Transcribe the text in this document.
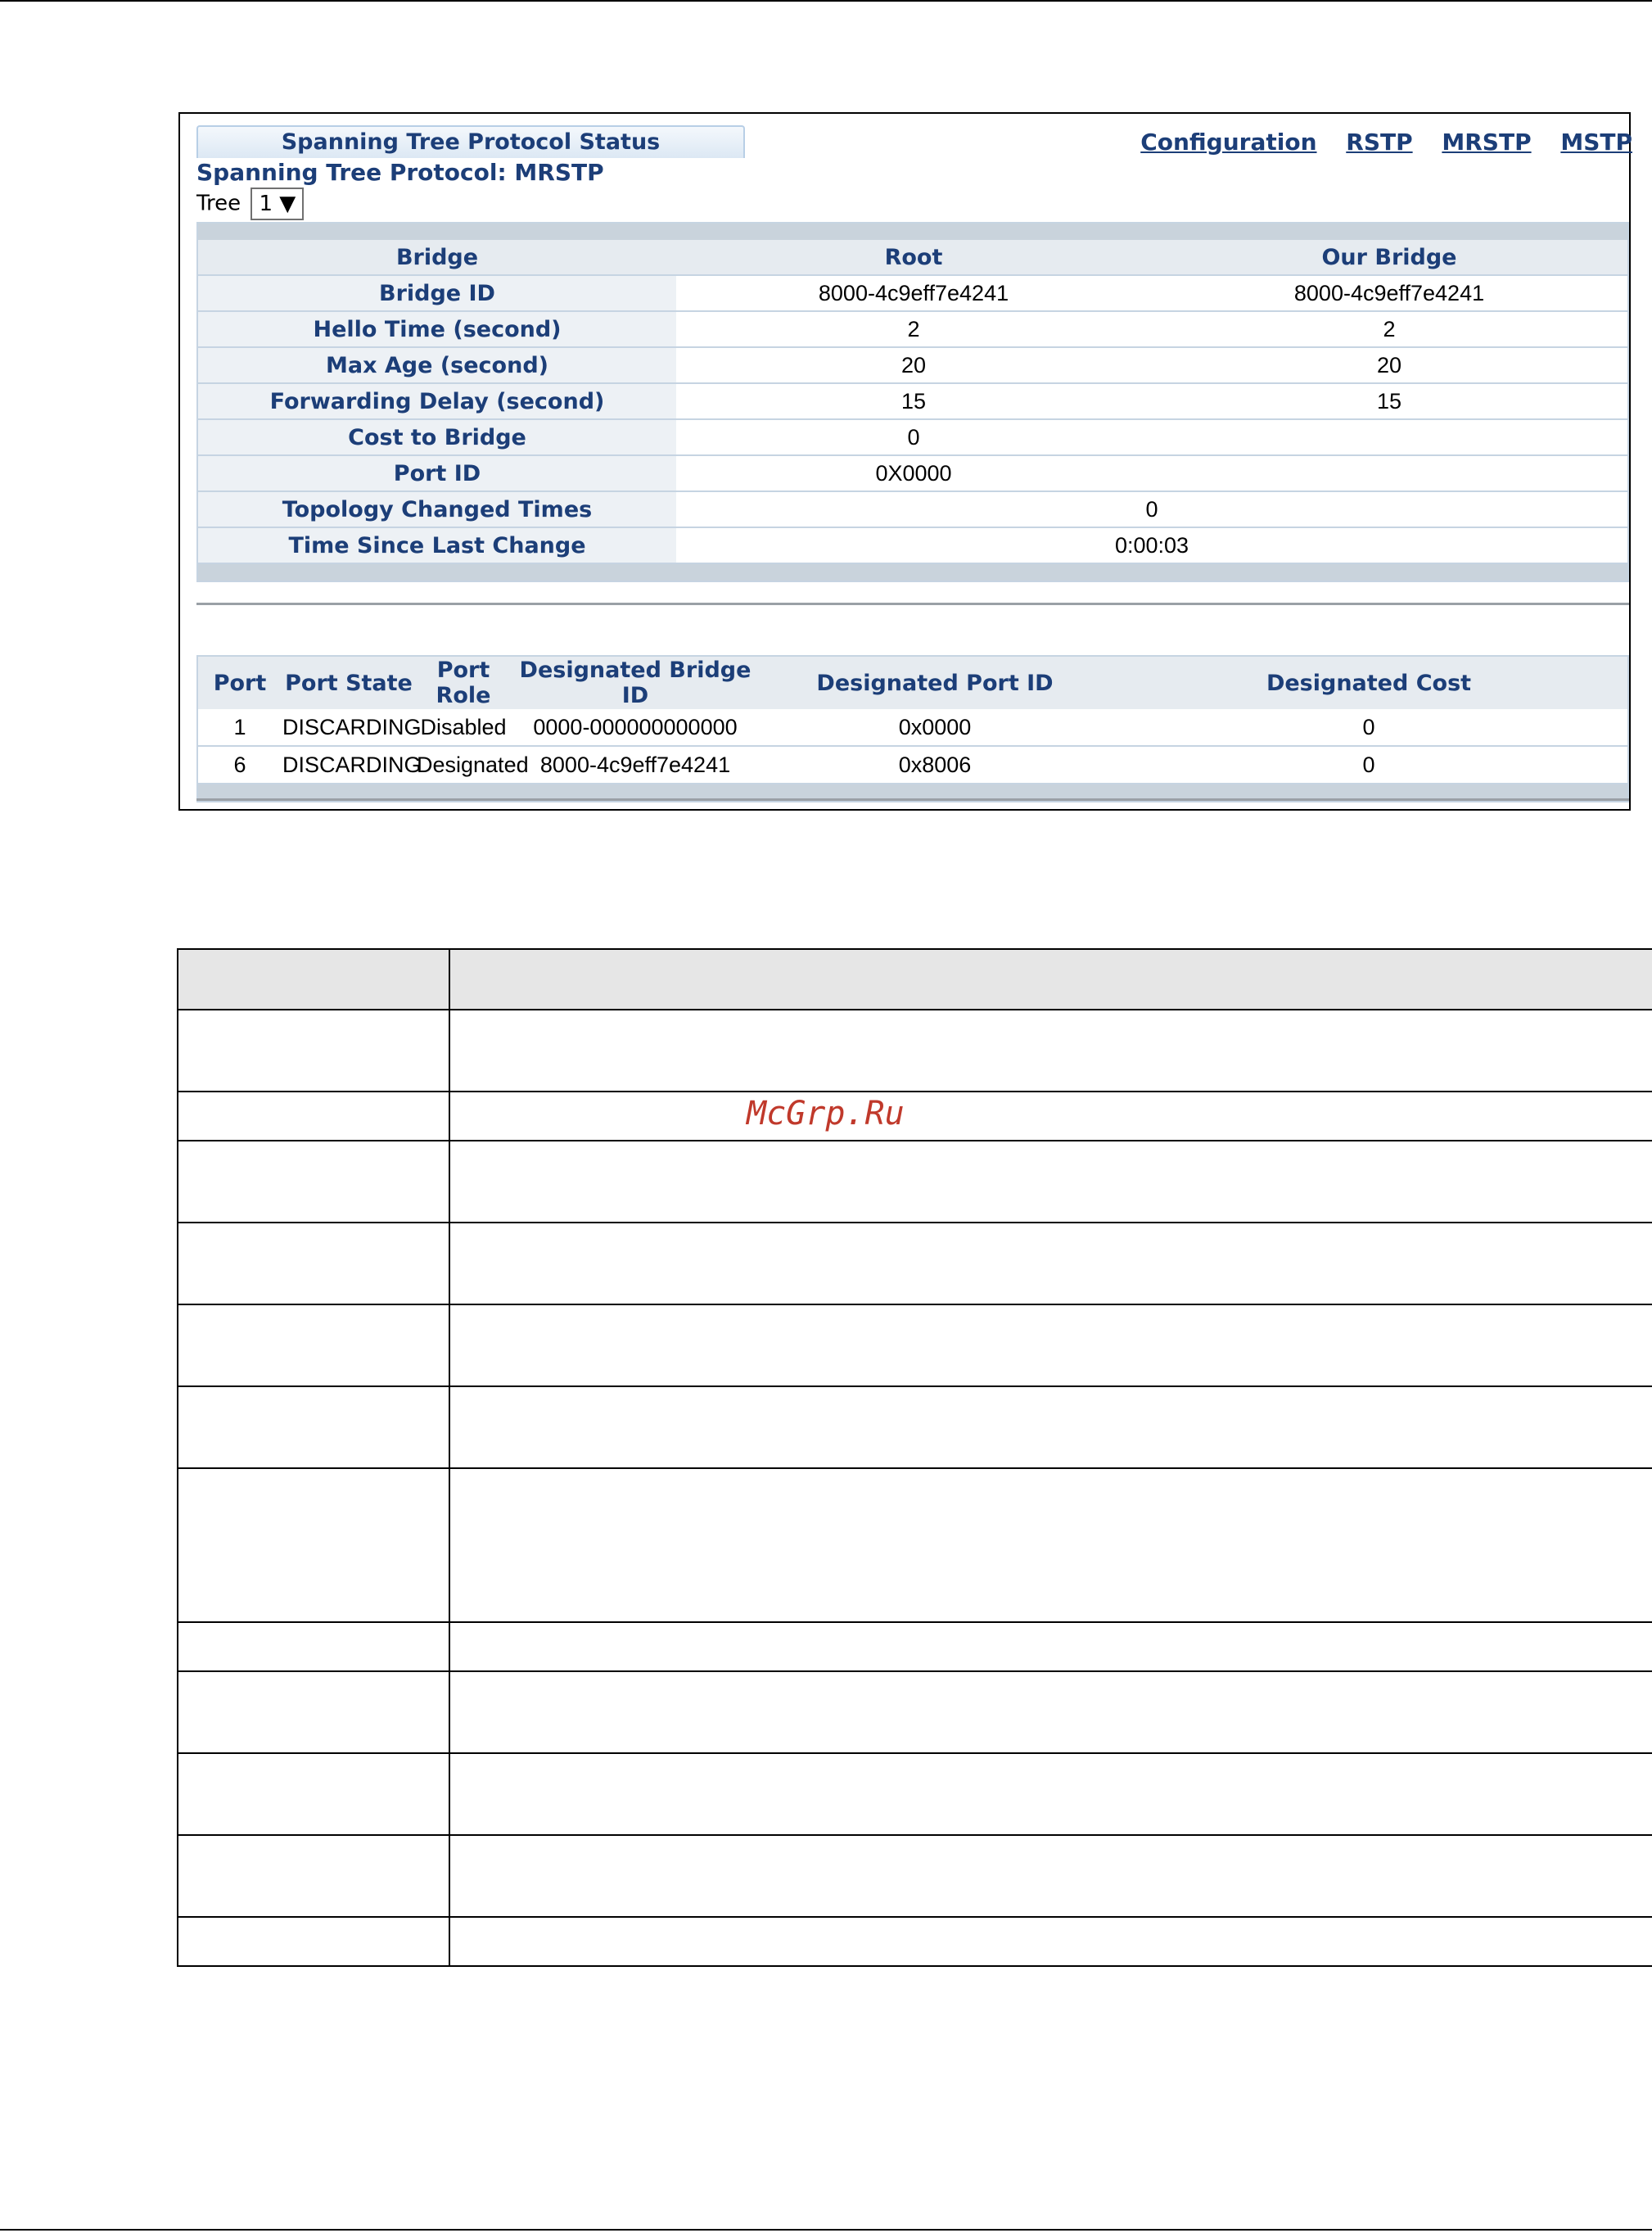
Spanning Tree Protocol Status	Configuration RSTP MRSTP MSTP
Spanning Tree Protocol: MRSTP
Tree 1 ▼
Bridge	Root	Our Bridge
Bridge ID	8000-4c9eff7e4241	8000-4c9eff7e4241
Hello Time (second)	2	2
Max Age (second)	20	20
Forwarding Delay (second)	15	15
Cost to Bridge	0	
Port ID	0X0000	
Topology Changed Times	0	
Time Since Last Change	0:00:03	
Port	Port State	Port Role	Designated Bridge ID	Designated Port ID	Designated Cost
1	DISCARDING	Disabled	0000-000000000000	0x0000	0
6	DISCARDING	Designated	8000-4c9eff7e4241	0x8006	0

McGrp.Ru
